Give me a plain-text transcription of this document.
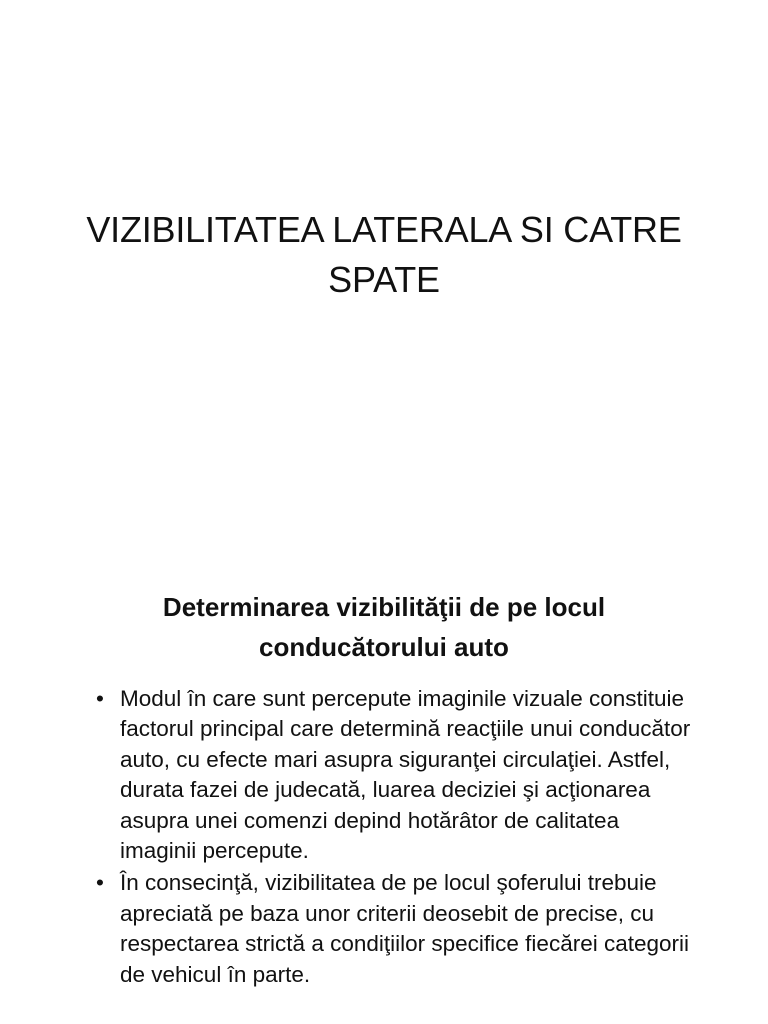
VIZIBILITATEA LATERALA SI CATRE SPATE
Determinarea vizibilităţii de pe locul conducătorului auto
• Modul în care sunt percepute imaginile vizuale constituie factorul principal care determină reacţiile unui conducător auto, cu efecte mari asupra siguranţei circulaţiei. Astfel, durata fazei de judecată, luarea deciziei şi acţionarea asupra unei comenzi depind hotărâtor de calitatea imaginii percepute.
• În consecinţă, vizibilitatea de pe locul şoferului trebuie apreciată pe baza unor criterii deosebit de precise, cu respectarea strictă a condiţiilor specifice fiecărei categorii de vehicul în parte.
